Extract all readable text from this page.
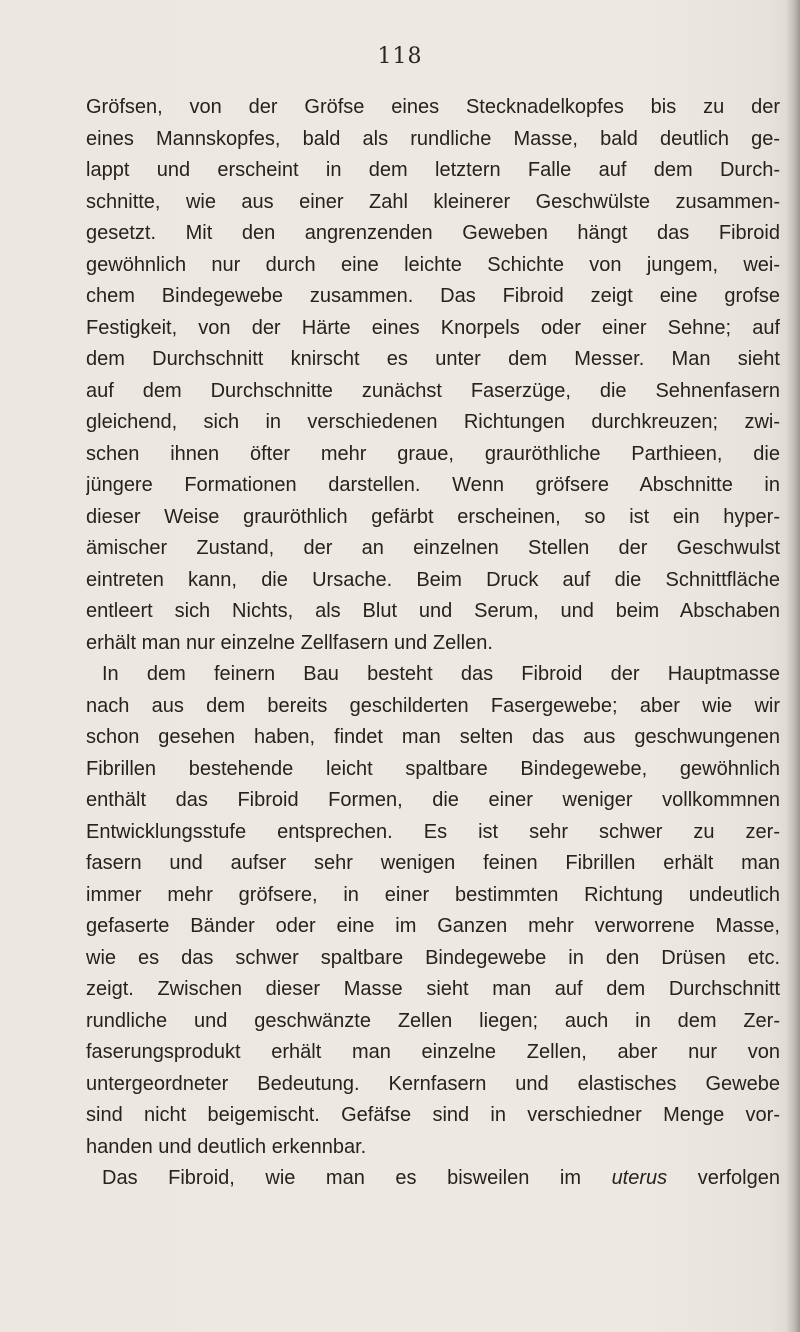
118
Gröfsen, von der Gröfse eines Stecknadelkopfes bis zu der
eines Mannskopfes, bald als rundliche Masse, bald deutlich ge-
lappt und erscheint in dem letztern Falle auf dem Durch-
schnitte, wie aus einer Zahl kleinerer Geschwülste zusammen-
gesetzt. Mit den angrenzenden Geweben hängt das Fibroid
gewöhnlich nur durch eine leichte Schichte von jungem, wei-
chem Bindegewebe zusammen. Das Fibroid zeigt eine grofse
Festigkeit, von der Härte eines Knorpels oder einer Sehne; auf
dem Durchschnitt knirscht es unter dem Messer. Man sieht
auf dem Durchschnitte zunächst Faserzüge, die Sehnenfasern
gleichend, sich in verschiedenen Richtungen durchkreuzen; zwi-
schen ihnen öfter mehr graue, grauröthliche Parthieen, die
jüngere Formationen darstellen. Wenn gröfsere Abschnitte in
dieser Weise grauröthlich gefärbt erscheinen, so ist ein hyper-
ämischer Zustand, der an einzelnen Stellen der Geschwulst
eintreten kann, die Ursache. Beim Druck auf die Schnittfläche
entleert sich Nichts, als Blut und Serum, und beim Abschaben
erhält man nur einzelne Zellfasern und Zellen.
In dem feinern Bau besteht das Fibroid der Hauptmasse
nach aus dem bereits geschilderten Fasergewebe; aber wie wir
schon gesehen haben, findet man selten das aus geschwungenen
Fibrillen bestehende leicht spaltbare Bindegewebe, gewöhnlich
enthält das Fibroid Formen, die einer weniger vollkommnen
Entwicklungsstufe entsprechen. Es ist sehr schwer zu zer-
fasern und aufser sehr wenigen feinen Fibrillen erhält man
immer mehr gröfsere, in einer bestimmten Richtung undeutlich
gefaserte Bänder oder eine im Ganzen mehr verworrene Masse,
wie es das schwer spaltbare Bindegewebe in den Drüsen etc.
zeigt. Zwischen dieser Masse sieht man auf dem Durchschnitt
rundliche und geschwänzte Zellen liegen; auch in dem Zer-
faserungsprodukt erhält man einzelne Zellen, aber nur von
untergeordneter Bedeutung. Kernfasern und elastisches Gewebe
sind nicht beigemischt. Gefäfse sind in verschiedner Menge vor-
handen und deutlich erkennbar.
Das Fibroid, wie man es bisweilen im uterus verfolgen
